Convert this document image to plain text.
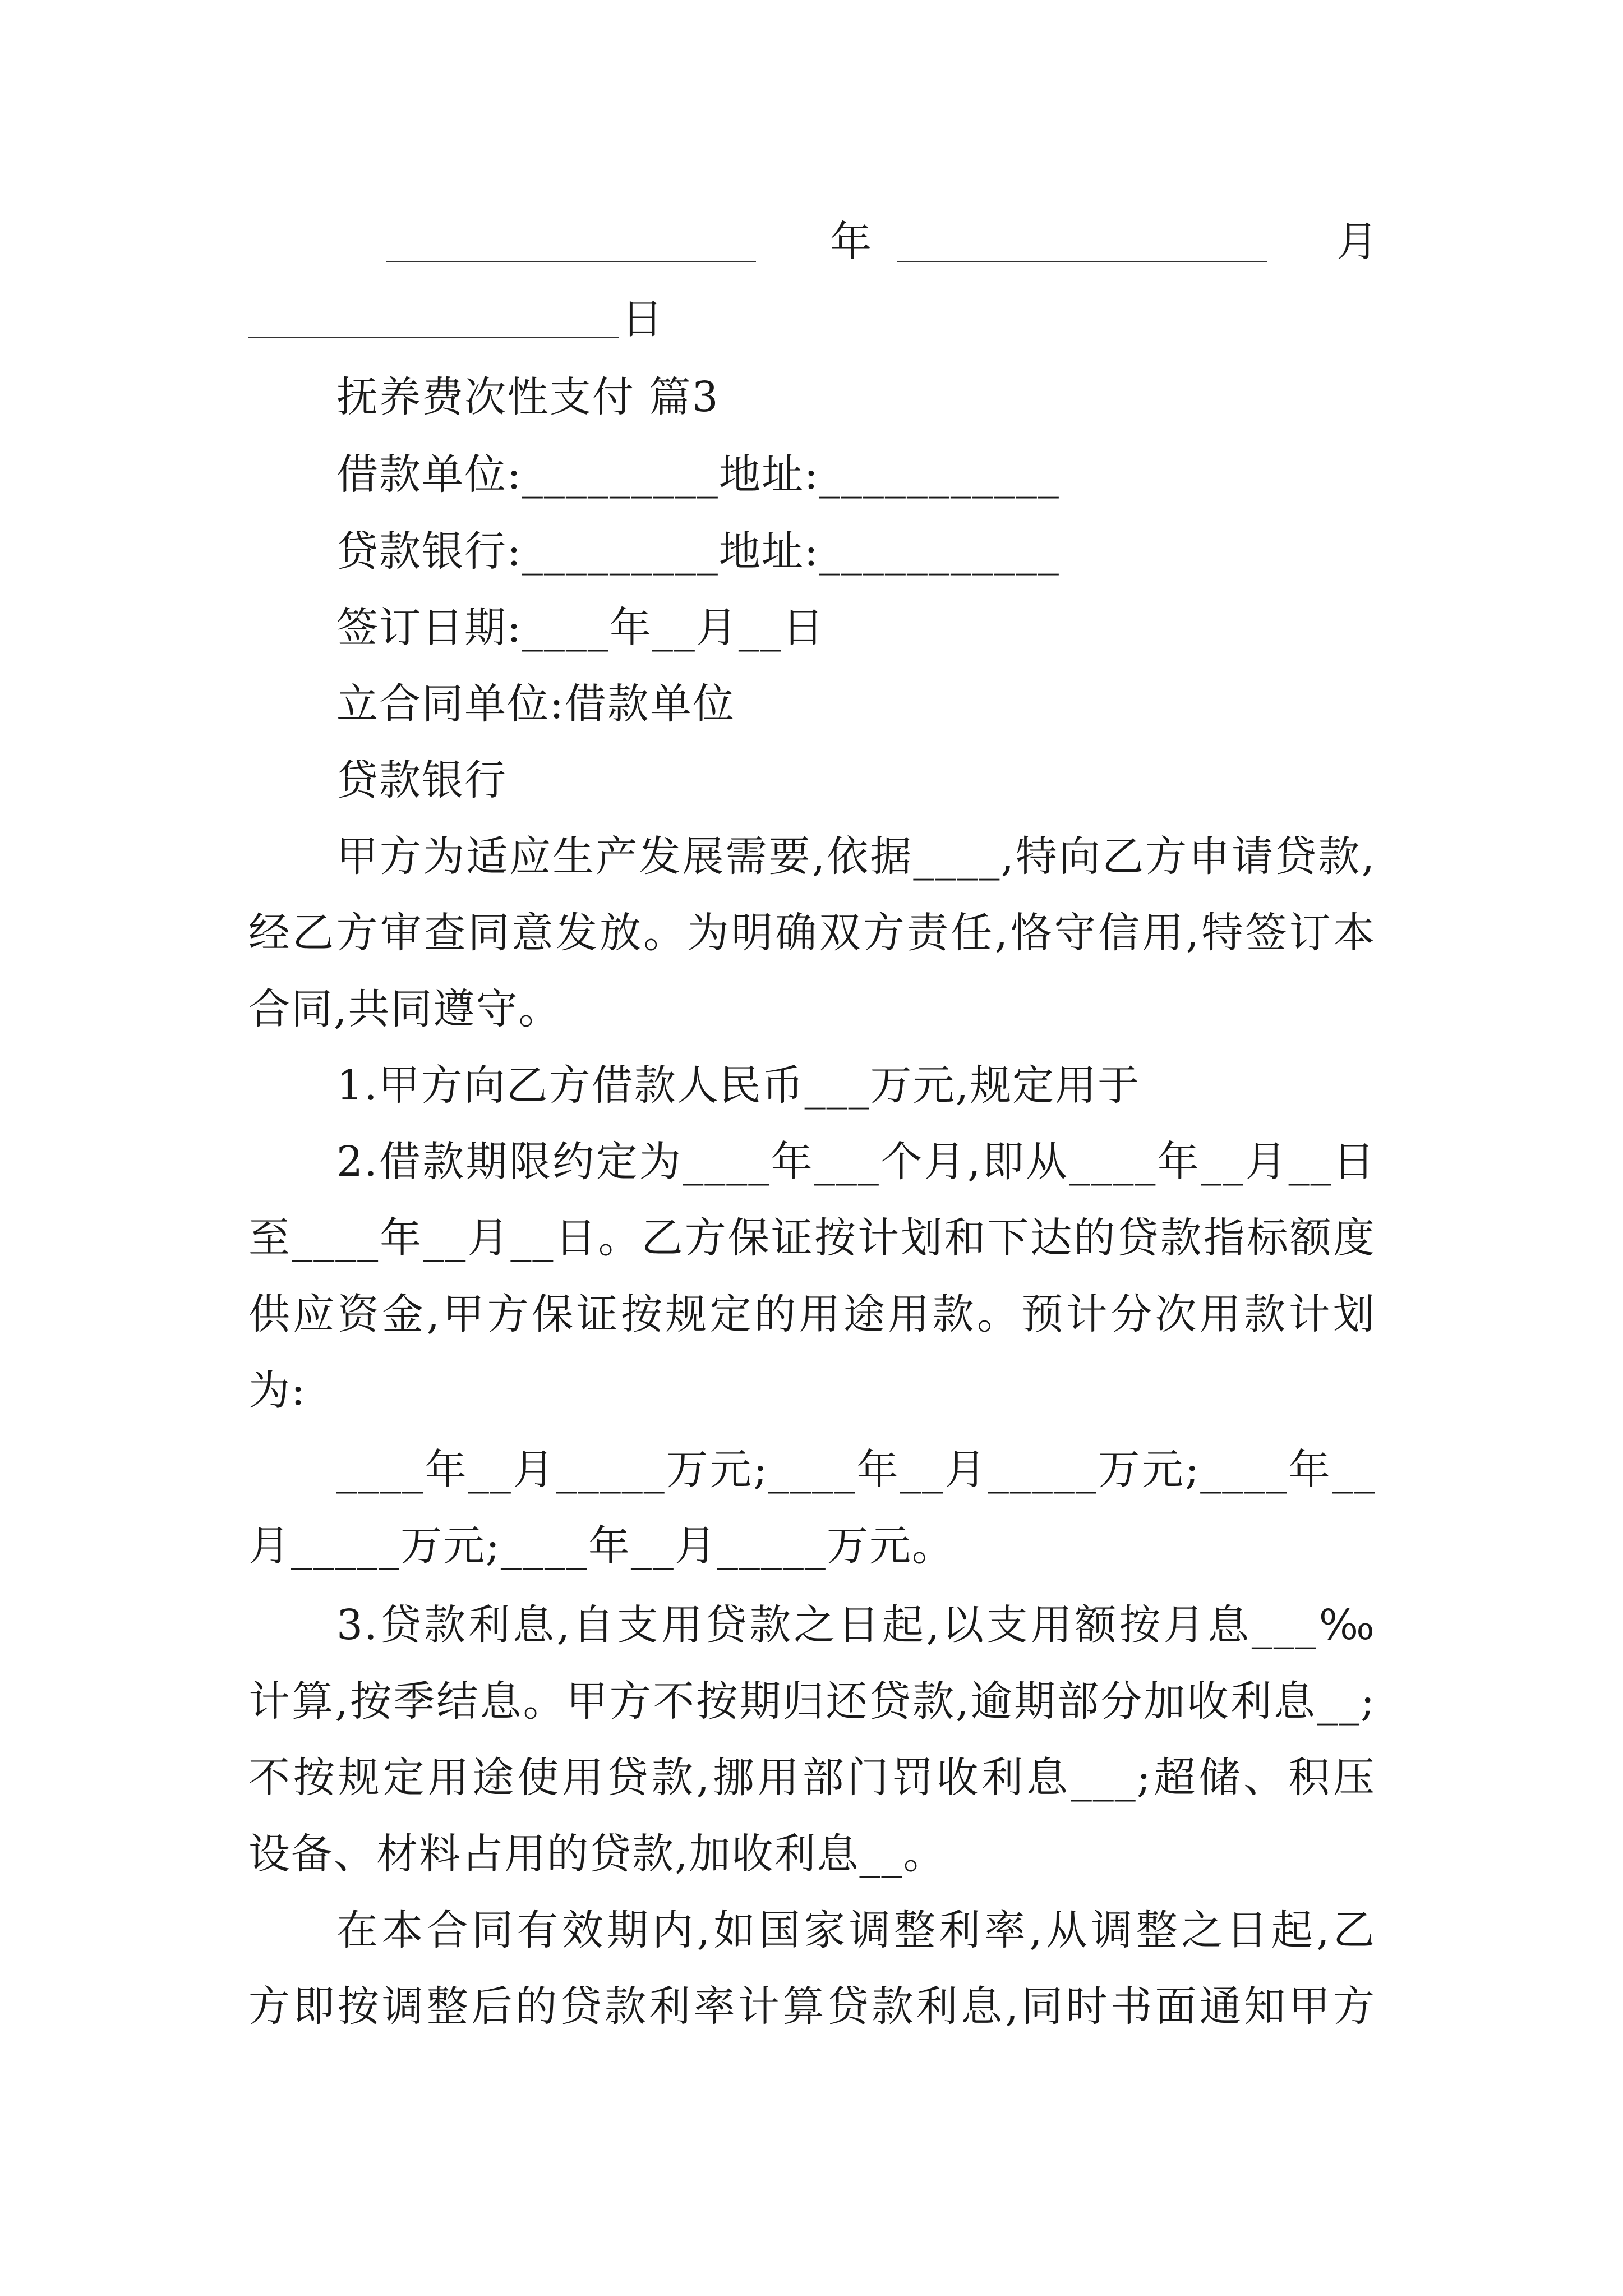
年	月
日
抚养费次性支付 篇3
借款单位:_________地址:___________
贷款银行:_________地址:___________
签订日期:____年__月__日
立合同单位:借款单位
贷款银行
甲方为适应生产发展需要,依据____,特向乙方申请贷款,
经乙方审查同意发放。为明确双方责任,恪守信用,特签订本
合同,共同遵守。
1.甲方向乙方借款人民币___万元,规定用于
2.借款期限约定为____年___个月,即从____年__月__日
至____年__月__日。乙方保证按计划和下达的贷款指标额度
供应资金,甲方保证按规定的用途用款。预计分次用款计划
为:
____年__月_____万元;____年__月_____万元;____年__
月_____万元;____年__月_____万元。
3.贷款利息,自支用贷款之日起,以支用额按月息___‰
计算,按季结息。甲方不按期归还贷款,逾期部分加收利息__;
不按规定用途使用贷款,挪用部门罚收利息___;超储、积压
设备、材料占用的贷款,加收利息__。
在本合同有效期内,如国家调整利率,从调整之日起,乙
方即按调整后的贷款利率计算贷款利息,同时书面通知甲方
